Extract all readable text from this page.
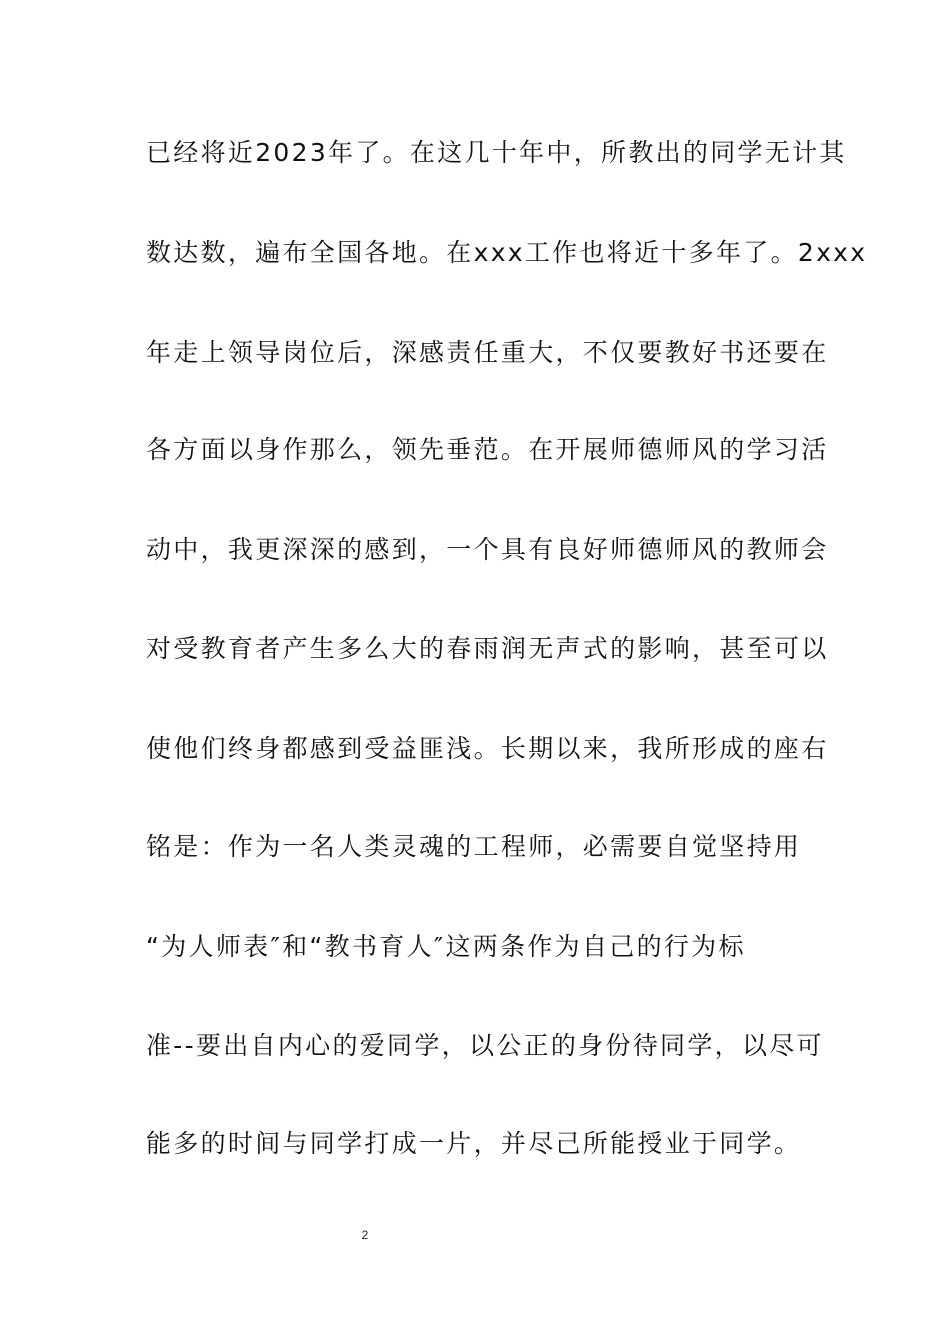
已经将近2023年了。在这几十年中，所教出的同学无计其
数达数，遍布全国各地。在xxx工作也将近十多年了。2xxx
年走上领导岗位后，深感责任重大，不仅要教好书还要在
各方面以身作那么，领先垂范。在开展师德师风的学习活
动中，我更深深的感到，一个具有良好师德师风的教师会
对受教育者产生多么大的春雨润无声式的影响，甚至可以
使他们终身都感到受益匪浅。长期以来，我所形成的座右
铭是：作为一名人类灵魂的工程师，必需要自觉坚持用
“为人师表″和“教书育人″这两条作为自己的行为标
准--要出自内心的爱同学，以公正的身份待同学，以尽可
能多的时间与同学打成一片，并尽己所能授业于同学。
2
